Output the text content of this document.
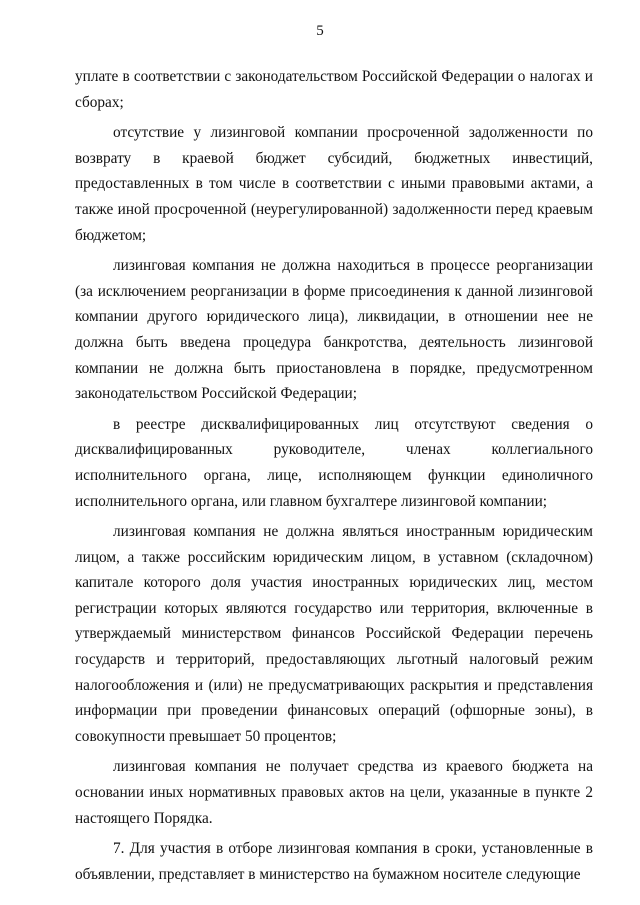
5

уплате в соответствии с законодательством Российской Федерации о налогах и сборах;

отсутствие у лизинговой компании просроченной задолженности по возврату в краевой бюджет субсидий, бюджетных инвестиций, предоставленных в том числе в соответствии с иными правовыми актами, а также иной просроченной (неурегулированной) задолженности перед краевым бюджетом;

лизинговая компания не должна находиться в процессе реорганизации (за исключением реорганизации в форме присоединения к данной лизинговой компании другого юридического лица), ликвидации, в отношении нее не должна быть введена процедура банкротства, деятельность лизинговой компании не должна быть приостановлена в порядке, предусмотренном законодательством Российской Федерации;

в реестре дисквалифицированных лиц отсутствуют сведения о дисквалифицированных руководителе, членах коллегиального исполнительного органа, лице, исполняющем функции единоличного исполнительного органа, или главном бухгалтере лизинговой компании;

лизинговая компания не должна являться иностранным юридическим лицом, а также российским юридическим лицом, в уставном (складочном) капитале которого доля участия иностранных юридических лиц, местом регистрации которых являются государство или территория, включенные в утверждаемый министерством финансов Российской Федерации перечень государств и территорий, предоставляющих льготный налоговый режим налогообложения и (или) не предусматривающих раскрытия и представления информации при проведении финансовых операций (офшорные зоны), в совокупности превышает 50 процентов;

лизинговая компания не получает средства из краевого бюджета на основании иных нормативных правовых актов на цели, указанные в пункте 2 настоящего Порядка.

7. Для участия в отборе лизинговая компания в сроки, установленные в объявлении, представляет в министерство на бумажном носителе следующие
